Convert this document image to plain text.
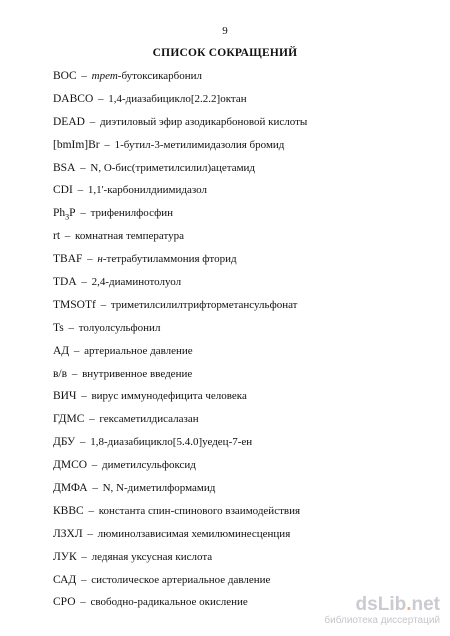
9
СПИСОК СОКРАЩЕНИЙ
BOC – трет-бутоксикарбонил
DABCO – 1,4-диазабицикло[2.2.2]октан
DEAD – диэтиловый эфир азодикарбоновой кислоты
[bmIm]Br – 1-бутил-3-метилимидазолия бромид
BSA – N, O-бис(триметилсилил)ацетамид
CDI – 1,1'-карбонилдиимидазол
$Ph_3P$ – трифенилфосфин
rt – комнатная температура
TBAF – н-тетрабутиламмония фторид
TDA – 2,4-диаминотолуол
TMSOTf – триметилсилилтрифторметансульфонат
Ts – толуолсульфонил
АД – артериальное давление
в/в – внутривенное введение
ВИЧ – вирус иммунодефицита человека
ГДМС – гексаметилдисалазан
ДБУ – 1,8-диазабицикло[5.4.0]уедец-7-ен
ДМСО – диметилсульфоксид
ДМФА – N, N-диметилформамид
КВВС – константа спин-спинового взаимодействия
ЛЗХЛ – люминолзависимая хемилюминесценция
ЛУК – ледяная уксусная кислота
САД – систолическое артериальное давление
СРО – свободно-радикальное окисление	dsLib.net
библиотека диссертаций
